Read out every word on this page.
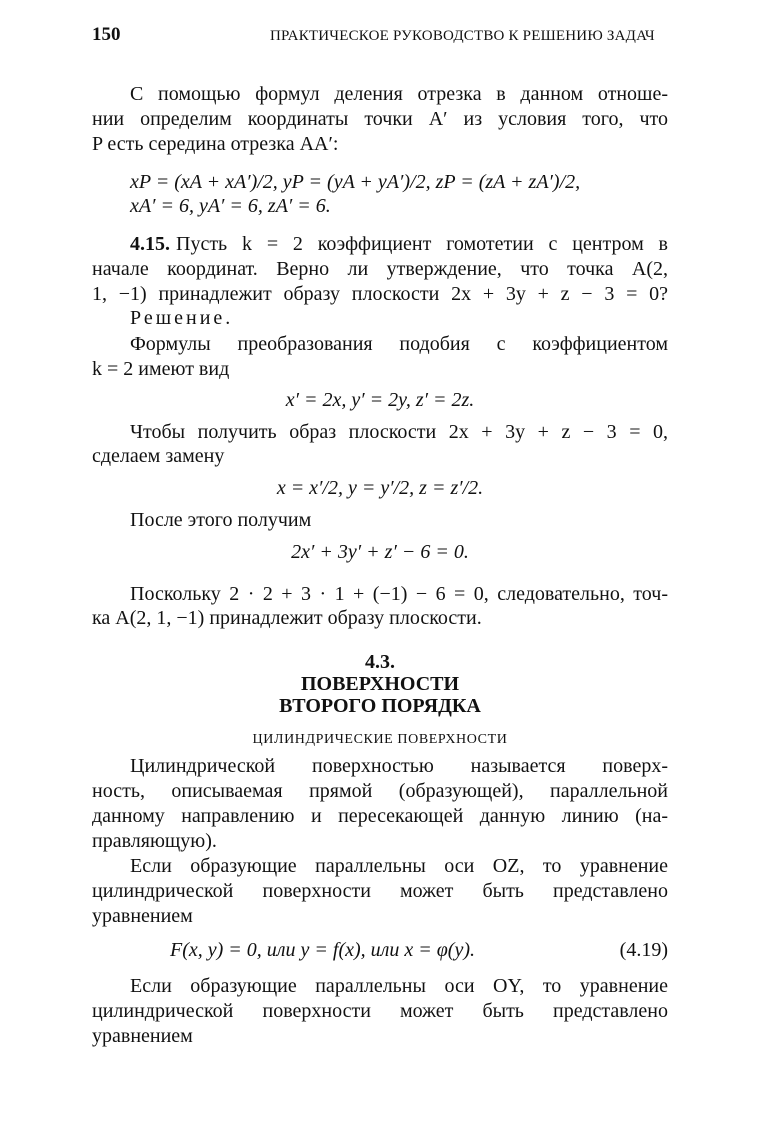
150	ПРАКТИЧЕСКОЕ РУКОВОДСТВО К РЕШЕНИЮ ЗАДАЧ
С помощью формул деления отрезка в данном отноше-
нии определим координаты точки A′ из условия того, что
P есть середина отрезка AA′:
xP = (xA + xA′)/2, yP = (yA + yA′)/2, zP = (zA + zA′)/2,
xA′ = 6, yA′ = 6, zA′ = 6.
4.15. Пусть k = 2 коэффициент гомотетии с центром в
начале координат. Верно ли утверждение, что точка A(2,
1, −1) принадлежит образу плоскости 2x + 3y + z − 3 = 0?
Решение.
Формулы преобразования подобия с коэффициентом
k = 2 имеют вид
x′ = 2x, y′ = 2y, z′ = 2z.
Чтобы получить образ плоскости 2x + 3y + z − 3 = 0,
сделаем замену
x = x′/2, y = y′/2, z = z′/2.
После этого получим
2x′ + 3y′ + z′ − 6 = 0.
Поскольку 2 · 2 + 3 · 1 + (−1) − 6 = 0, следовательно, точ-
ка A(2, 1, −1) принадлежит образу плоскости.
4.3.
ПОВЕРХНОСТИ
ВТОРОГО ПОРЯДКА
ЦИЛИНДРИЧЕСКИЕ ПОВЕРХНОСТИ
Цилиндрической поверхностью называется поверх-
ность, описываемая прямой (образующей), параллельной
данному направлению и пересекающей данную линию (на-
правляющую).
Если образующие параллельны оси OZ, то уравнение
цилиндрической поверхности может быть представлено
уравнением
F(x, y) = 0, или y = f(x), или x = φ(y).	(4.19)
Если образующие параллельны оси OY, то уравнение
цилиндрической поверхности может быть представлено
уравнением
